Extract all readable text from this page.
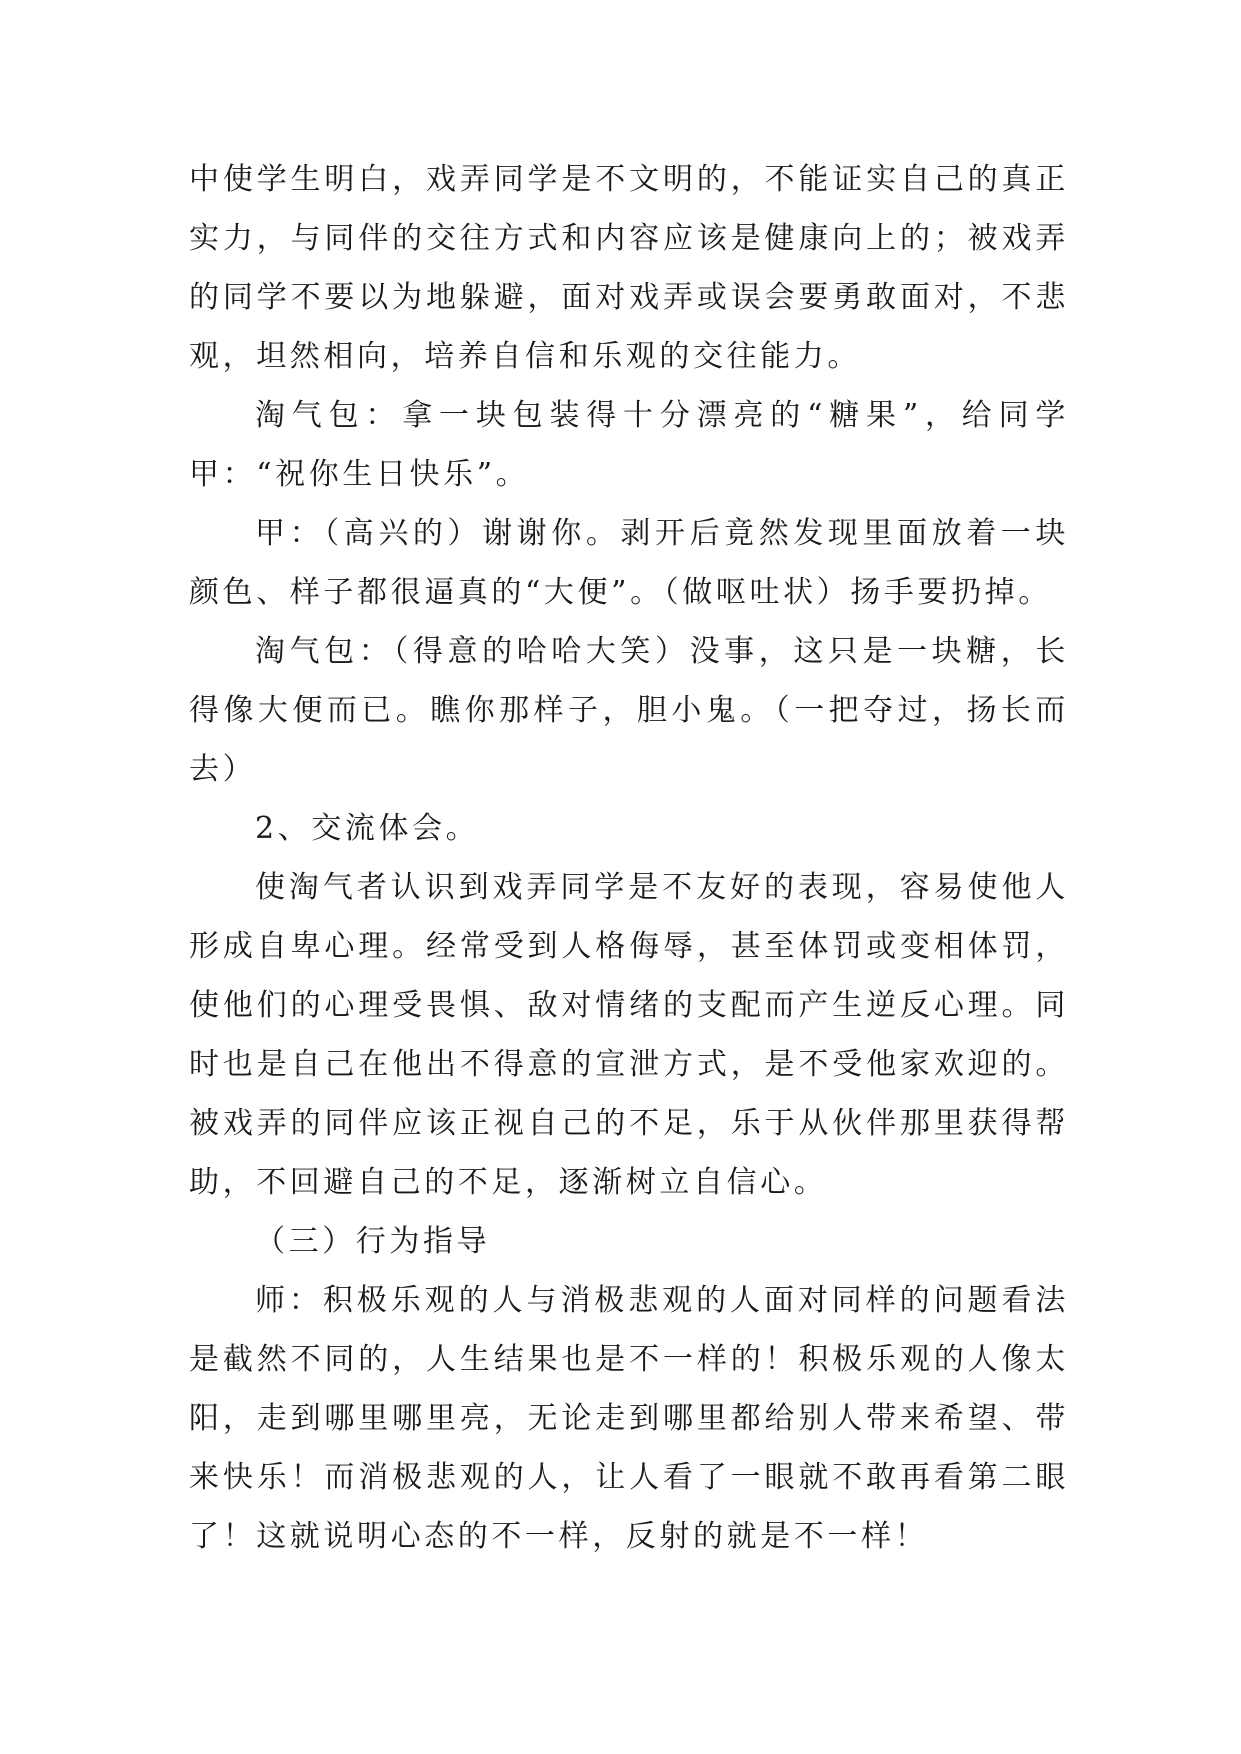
中使学生明白，戏弄同学是不文明的，不能证实自己的真正实力，与同伴的交往方式和内容应该是健康向上的；被戏弄的同学不要以为地躲避，面对戏弄或误会要勇敢面对，不悲观，坦然相向，培养自信和乐观的交往能力。

淘气包：拿一块包装得十分漂亮的“糖果”，给同学甲：“祝你生日快乐”。

甲：（高兴的）谢谢你。剥开后竟然发现里面放着一块颜色、样子都很逼真的“大便”。（做呕吐状）扬手要扔掉。

淘气包：（得意的哈哈大笑）没事，这只是一块糖，长得像大便而已。瞧你那样子，胆小鬼。（一把夺过，扬长而去）

2、交流体会。

使淘气者认识到戏弄同学是不友好的表现，容易使他人形成自卑心理。经常受到人格侮辱，甚至体罚或变相体罚，使他们的心理受畏惧、敌对情绪的支配而产生逆反心理。同时也是自己在他出不得意的宣泄方式，是不受他家欢迎的。被戏弄的同伴应该正视自己的不足，乐于从伙伴那里获得帮助，不回避自己的不足，逐渐树立自信心。

（三）行为指导

师：积极乐观的人与消极悲观的人面对同样的问题看法是截然不同的，人生结果也是不一样的！积极乐观的人像太阳，走到哪里哪里亮，无论走到哪里都给别人带来希望、带来快乐！而消极悲观的人，让人看了一眼就不敢再看第二眼了！这就说明心态的不一样，反射的就是不一样！
